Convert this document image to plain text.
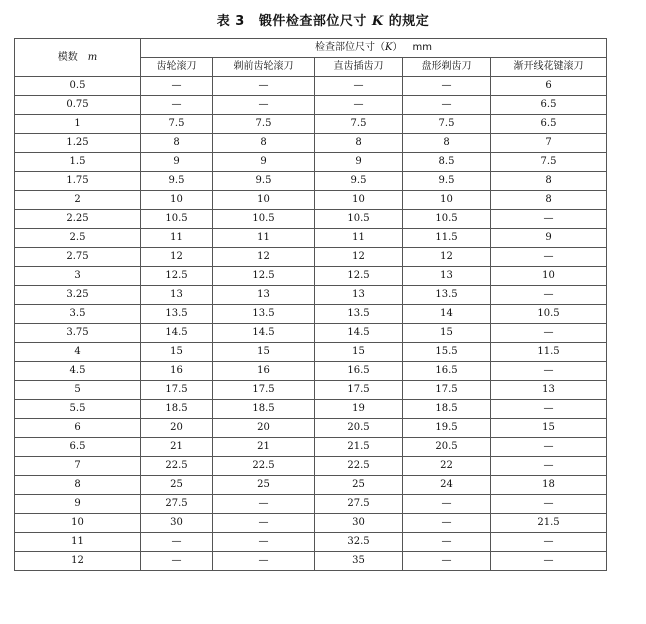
表 3 锻件检查部位尺寸 K 的规定
模数 m	检查部位尺寸（K） mm				
	齿轮滚刀	剃前齿轮滚刀	直齿插齿刀	盘形剃齿刀	渐开线花键滚刀
0.5	—	—	—	—	6
0.75	—	—	—	—	6.5
1	7.5	7.5	7.5	7.5	6.5
1.25	8	8	8	8	7
1.5	9	9	9	8.5	7.5
1.75	9.5	9.5	9.5	9.5	8
2	10	10	10	10	8
2.25	10.5	10.5	10.5	10.5	—
2.5	11	11	11	11.5	9
2.75	12	12	12	12	—
3	12.5	12.5	12.5	13	10
3.25	13	13	13	13.5	—
3.5	13.5	13.5	13.5	14	10.5
3.75	14.5	14.5	14.5	15	—
4	15	15	15	15.5	11.5
4.5	16	16	16.5	16.5	—
5	17.5	17.5	17.5	17.5	13
5.5	18.5	18.5	19	18.5	—
6	20	20	20.5	19.5	15
6.5	21	21	21.5	20.5	—
7	22.5	22.5	22.5	22	—
8	25	25	25	24	18
9	27.5	—	27.5	—	—
10	30	—	30	—	21.5
11	—	—	32.5	—	—
12	—	—	35	—	—
